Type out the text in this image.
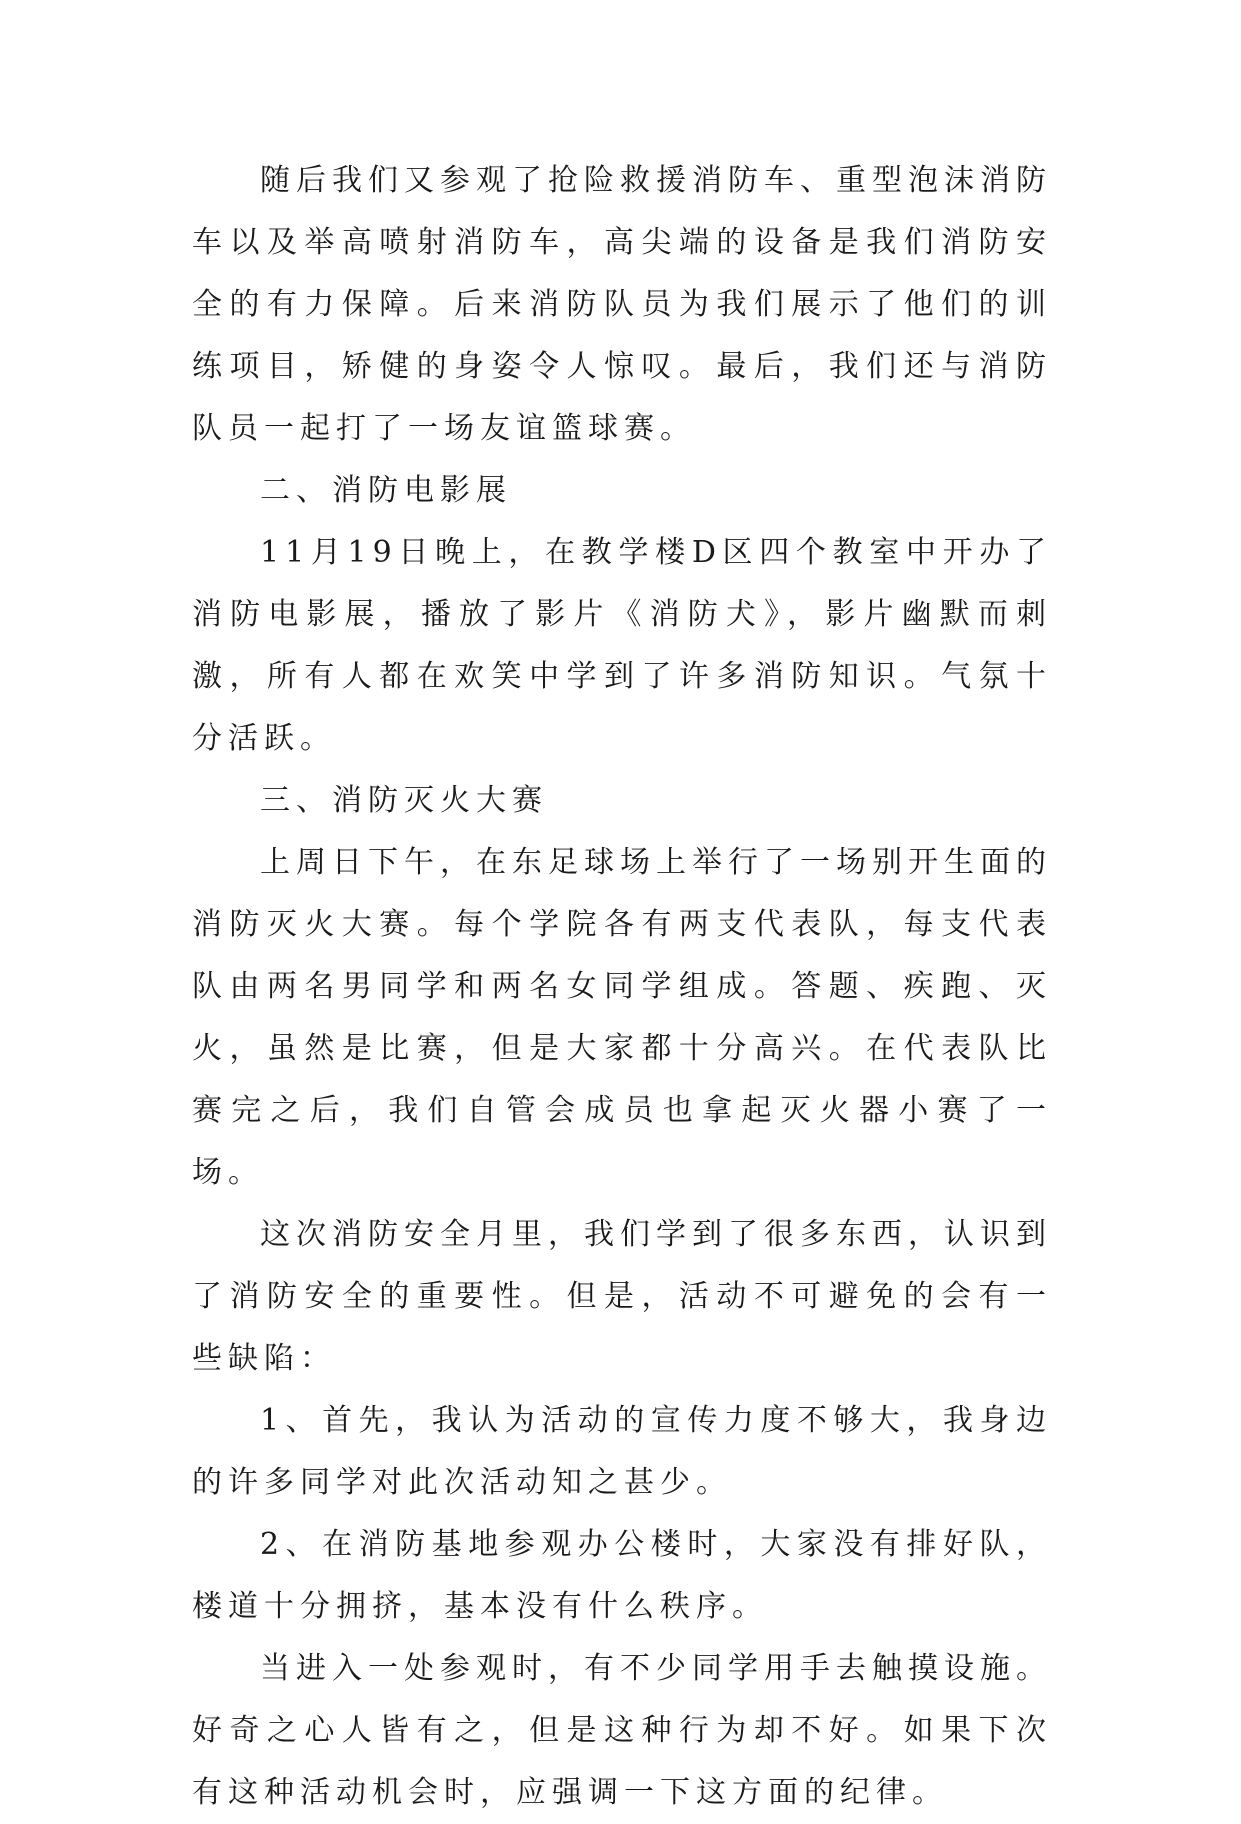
随后我们又参观了抢险救援消防车、重型泡沫消防车以及举高喷射消防车，高尖端的设备是我们消防安全的有力保障。后来消防队员为我们展示了他们的训练项目，矫健的身姿令人惊叹。最后，我们还与消防队员一起打了一场友谊篮球赛。

二、消防电影展

11月19日晚上，在教学楼D区四个教室中开办了消防电影展，播放了影片《消防犬》，影片幽默而刺激，所有人都在欢笑中学到了许多消防知识。气氛十分活跃。

三、消防灭火大赛

上周日下午，在东足球场上举行了一场别开生面的消防灭火大赛。每个学院各有两支代表队，每支代表队由两名男同学和两名女同学组成。答题、疾跑、灭火，虽然是比赛，但是大家都十分高兴。在代表队比赛完之后，我们自管会成员也拿起灭火器小赛了一场。

这次消防安全月里，我们学到了很多东西，认识到了消防安全的重要性。但是，活动不可避免的会有一些缺陷：

1、首先，我认为活动的宣传力度不够大，我身边的许多同学对此次活动知之甚少。

2、在消防基地参观办公楼时，大家没有排好队，楼道十分拥挤，基本没有什么秩序。

当进入一处参观时，有不少同学用手去触摸设施。好奇之心人皆有之，但是这种行为却不好。如果下次有这种活动机会时，应强调一下这方面的纪律。
